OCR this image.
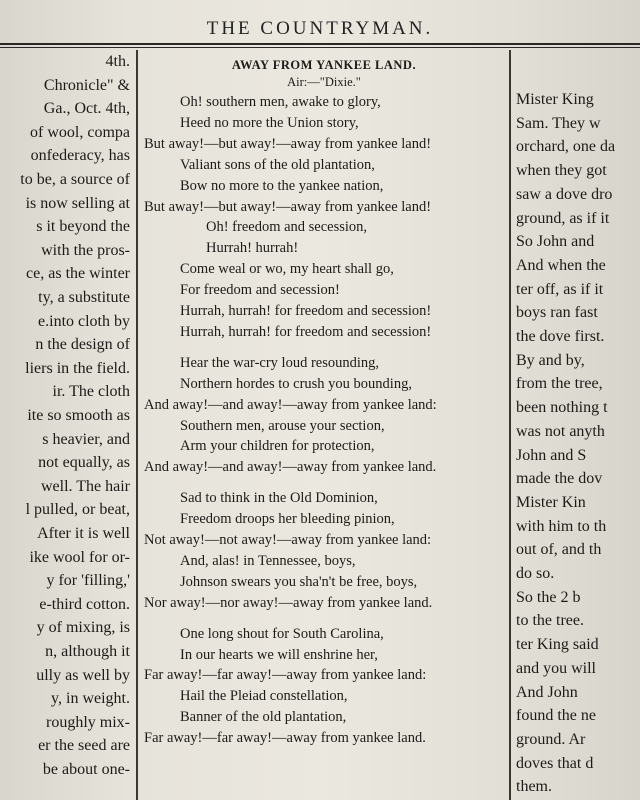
THE COUNTRYMAN.
4th.
Chronicle" &
Ga., Oct. 4th,
of wool, compa
onfederacy, has
to be, a source of
is now selling at
s it beyond the
with the pros-
ce, as the winter
ty, a substitute
e.into cloth by
n the design of
liers in the field.
ir. The cloth
ite so smooth as
s heavier, and
not equally, as
well. The hair
l pulled, or beat,
After it is well
ike wool for or-
y for 'filling,'
e-third cotton.
y of mixing, is
n, although it
ully as well by
y, in weight.
roughly mix-
er the seed are
be about one-
AWAY FROM YANKEE LAND.
Air:—"Dixie."
Oh! southern men, awake to glory,
Heed no more the Union story,
But away!—but away!—away from yankee land!
Valiant sons of the old plantation,
Bow no more to the yankee nation,
But away!—but away!—away from yankee land!
Oh! freedom and secession,
Hurrah! hurrah!
Come weal or wo, my heart shall go,
For freedom and secession!
Hurrah, hurrah! for freedom and secession!
Hurrah, hurrah! for freedom and secession!
Hear the war-cry loud resounding,
Northern hordes to crush you bounding,
And away!—and away!—away from yankee land:
Southern men, arouse your section,
Arm your children for protection,
And away!—and away!—away from yankee land.
Sad to think in the Old Dominion,
Freedom droops her bleeding pinion,
Not away!—not away!—away from yankee land:
And, alas! in Tennessee, boys,
Johnson swears you sha'n't be free, boys,
Nor away!—nor away!—away from yankee land.
One long shout for South Carolina,
In our hearts we will enshrine her,
Far away!—far away!—away from yankee land:
Hail the Pleiad constellation,
Banner of the old plantation,
Far away!—far away!—away from yankee land.
Mister King
Sam. They w
orchard, one da
when they got
saw a dove dro
ground, as if it
So John and
And when the
ter off, as if it
boys ran fast
the dove first.
By and by,
from the tree,
been nothing t
was not anyth
John and S
made the dov
Mister Kin
with him to th
out of, and th
do so.
So the 2 b
to the tree.
ter King said
and you will
And John
found the ne
ground. Ar
doves that d
them.
